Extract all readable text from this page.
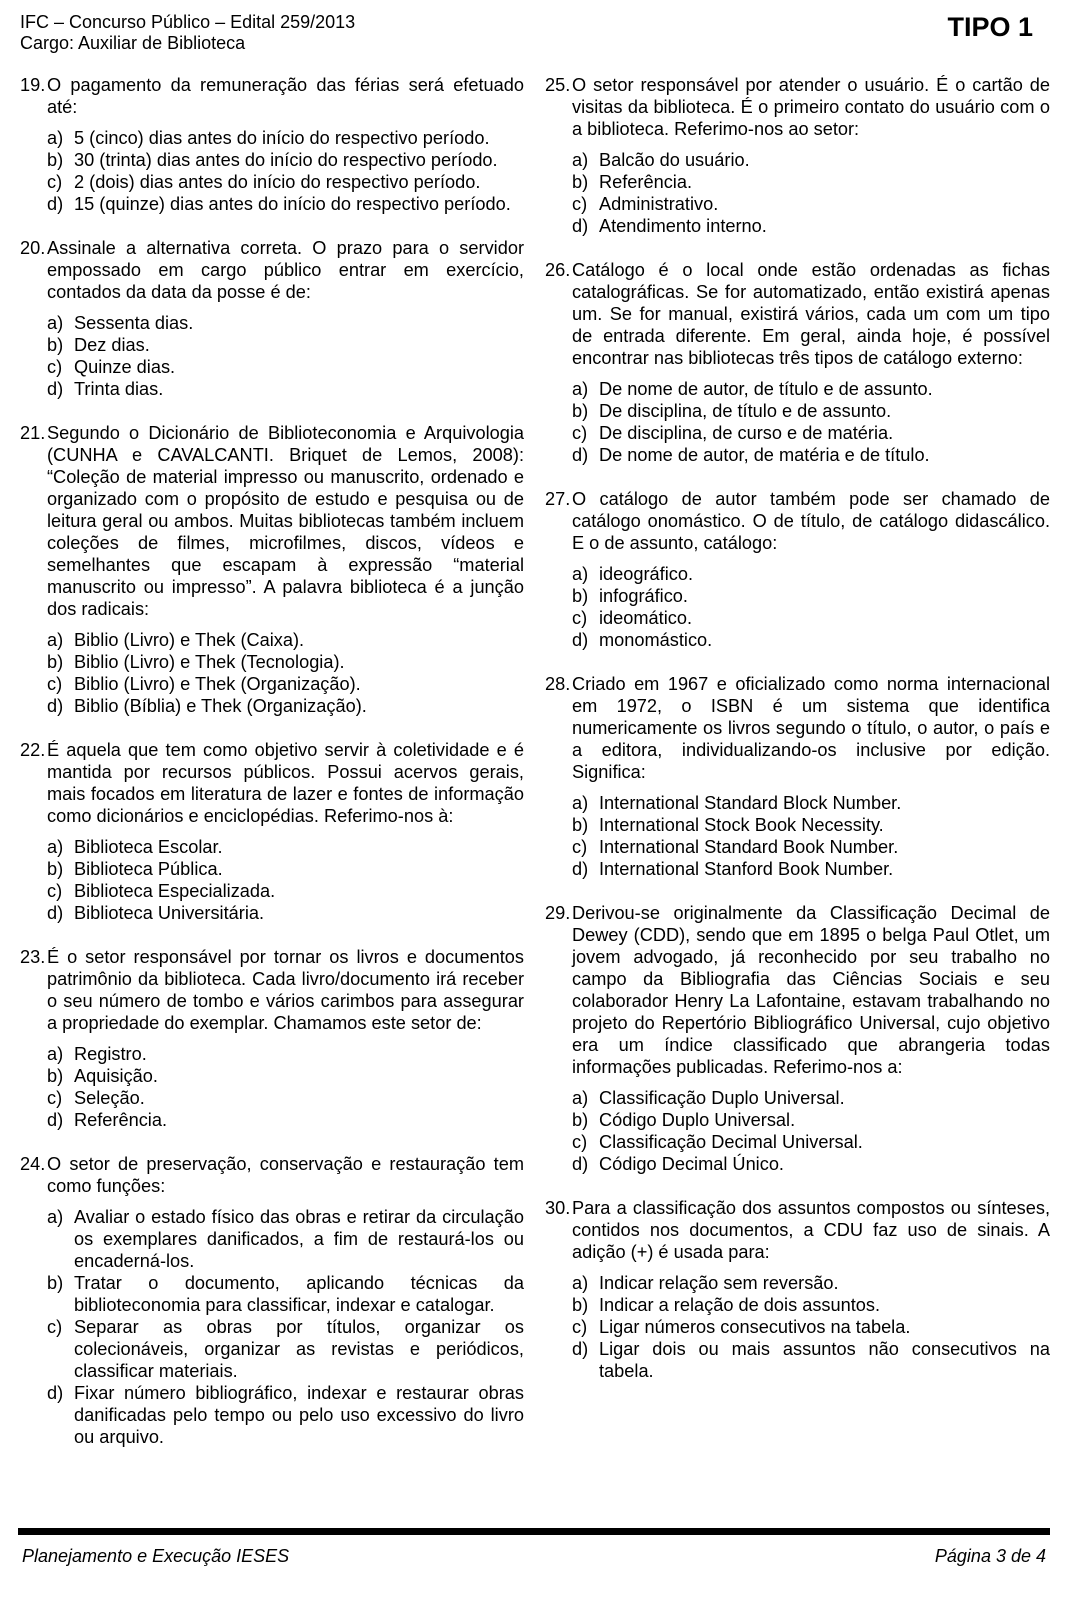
IFC – Concurso Público – Edital 259/2013
Cargo: Auxiliar de Biblioteca
TIPO 1
19. O pagamento da remuneração das férias será efetuado até:
a) 5 (cinco) dias antes do início do respectivo período.
b) 30 (trinta) dias antes do início do respectivo período.
c) 2 (dois) dias antes do início do respectivo período.
d) 15 (quinze) dias antes do início do respectivo período.
20. Assinale a alternativa correta. O prazo para o servidor empossado em cargo público entrar em exercício, contados da data da posse é de:
a) Sessenta dias.
b) Dez dias.
c) Quinze dias.
d) Trinta dias.
21. Segundo o Dicionário de Biblioteconomia e Arquivologia (CUNHA e CAVALCANTI. Briquet de Lemos, 2008): “Coleção de material impresso ou manuscrito, ordenado e organizado com o propósito de estudo e pesquisa ou de leitura geral ou ambos. Muitas bibliotecas também incluem coleções de filmes, microfilmes, discos, vídeos e semelhantes que escapam à expressão “material manuscrito ou impresso”. A palavra biblioteca é a junção dos radicais:
a) Biblio (Livro) e Thek (Caixa).
b) Biblio (Livro) e Thek (Tecnologia).
c) Biblio (Livro) e Thek (Organização).
d) Biblio (Bíblia) e Thek (Organização).
22. É aquela que tem como objetivo servir à coletividade e é mantida por recursos públicos. Possui acervos gerais, mais focados em literatura de lazer e fontes de informação como dicionários e enciclopédias. Referimo-nos à:
a) Biblioteca Escolar.
b) Biblioteca Pública.
c) Biblioteca Especializada.
d) Biblioteca Universitária.
23. É o setor responsável por tornar os livros e documentos patrimônio da biblioteca. Cada livro/documento irá receber o seu número de tombo e vários carimbos para assegurar a propriedade do exemplar. Chamamos este setor de:
a) Registro.
b) Aquisição.
c) Seleção.
d) Referência.
24. O setor de preservação, conservação e restauração tem como funções:
a) Avaliar o estado físico das obras e retirar da circulação os exemplares danificados, a fim de restaurá-los ou encaderná-los.
b) Tratar o documento, aplicando técnicas da biblioteconomia para classificar, indexar e catalogar.
c) Separar as obras por títulos, organizar os colecionáveis, organizar as revistas e periódicos, classificar materiais.
d) Fixar número bibliográfico, indexar e restaurar obras danificadas pelo tempo ou pelo uso excessivo do livro ou arquivo.
25. O setor responsável por atender o usuário. É o cartão de visitas da biblioteca. É o primeiro contato do usuário com o a biblioteca. Referimo-nos ao setor:
a) Balcão do usuário.
b) Referência.
c) Administrativo.
d) Atendimento interno.
26. Catálogo é o local onde estão ordenadas as fichas catalográficas. Se for automatizado, então existirá apenas um. Se for manual, existirá vários, cada um com um tipo de entrada diferente. Em geral, ainda hoje, é possível encontrar nas bibliotecas três tipos de catálogo externo:
a) De nome de autor, de título e de assunto.
b) De disciplina, de título e de assunto.
c) De disciplina, de curso e de matéria.
d) De nome de autor, de matéria e de título.
27. O catálogo de autor também pode ser chamado de catálogo onomástico. O de título, de catálogo didascálico. E o de assunto, catálogo:
a) ideográfico.
b) infográfico.
c) ideomático.
d) monomástico.
28. Criado em 1967 e oficializado como norma internacional em 1972, o ISBN é um sistema que identifica numericamente os livros segundo o título, o autor, o país e a editora, individualizando-os inclusive por edição. Significa:
a) International Standard Block Number.
b) International Stock Book Necessity.
c) International Standard Book Number.
d) International Stanford Book Number.
29. Derivou-se originalmente da Classificação Decimal de Dewey (CDD), sendo que em 1895 o belga Paul Otlet, um jovem advogado, já reconhecido por seu trabalho no campo da Bibliografia das Ciências Sociais e seu colaborador Henry La Lafontaine, estavam trabalhando no projeto do Repertório Bibliográfico Universal, cujo objetivo era um índice classificado que abrangeria todas informações publicadas. Referimo-nos a:
a) Classificação Duplo Universal.
b) Código Duplo Universal.
c) Classificação Decimal Universal.
d) Código Decimal Único.
30. Para a classificação dos assuntos compostos ou sínteses, contidos nos documentos, a CDU faz uso de sinais. A adição (+) é usada para:
a) Indicar relação sem reversão.
b) Indicar a relação de dois assuntos.
c) Ligar números consecutivos na tabela.
d) Ligar dois ou mais assuntos não consecutivos na tabela.
Planejamento e Execução IESES	Página 3 de 4
